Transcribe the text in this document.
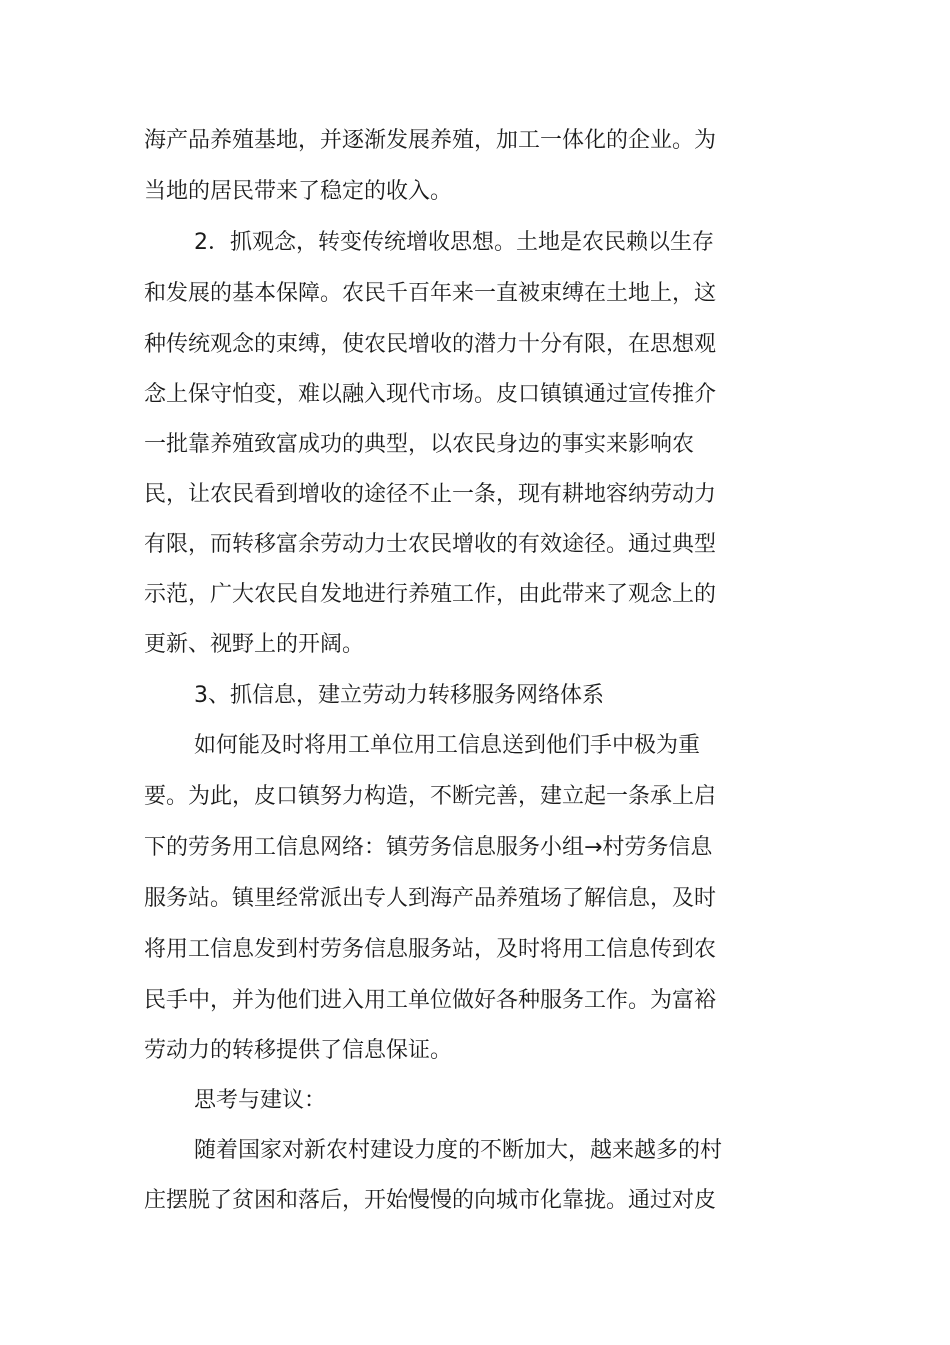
海产品养殖基地，并逐渐发展养殖，加工一体化的企业。为
当地的居民带来了稳定的收入。
2．抓观念，转变传统增收思想。土地是农民赖以生存
和发展的基本保障。农民千百年来一直被束缚在土地上，这
种传统观念的束缚，使农民增收的潜力十分有限，在思想观
念上保守怕变，难以融入现代市场。皮口镇镇通过宣传推介
一批靠养殖致富成功的典型，以农民身边的事实来影响农
民，让农民看到增收的途径不止一条，现有耕地容纳劳动力
有限，而转移富余劳动力士农民增收的有效途径。通过典型
示范，广大农民自发地进行养殖工作，由此带来了观念上的
更新、视野上的开阔。
3、抓信息，建立劳动力转移服务网络体系
如何能及时将用工单位用工信息送到他们手中极为重
要。为此，皮口镇努力构造，不断完善，建立起一条承上启
下的劳务用工信息网络：镇劳务信息服务小组→村劳务信息
服务站。镇里经常派出专人到海产品养殖场了解信息，及时
将用工信息发到村劳务信息服务站，及时将用工信息传到农
民手中，并为他们进入用工单位做好各种服务工作。为富裕
劳动力的转移提供了信息保证。
思考与建议：
随着国家对新农村建设力度的不断加大，越来越多的村
庄摆脱了贫困和落后，开始慢慢的向城市化靠拢。通过对皮
